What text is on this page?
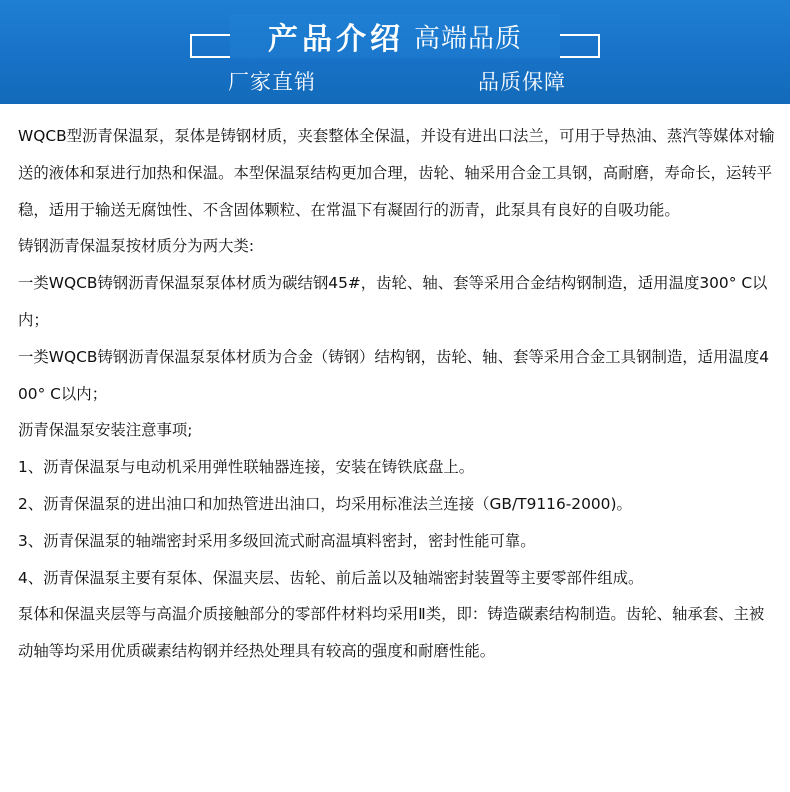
产品介绍 高端品质
厂家直销	品质保障

WQCB型沥青保温泵，泵体是铸钢材质，夹套整体全保温，并设有进出口法兰，可用于导热油、蒸汽等媒体对输送的液体和泵进行加热和保温。本型保温泵结构更加合理，齿轮、轴采用合金工具钢，高耐磨，寿命长，运转平稳，适用于输送无腐蚀性、不含固体颗粒、在常温下有凝固行的沥青，此泵具有良好的自吸功能。

铸钢沥青保温泵按材质分为两大类:

一类WQCB铸钢沥青保温泵泵体材质为碳结钢45#，齿轮、轴、套等采用合金结构钢制造，适用温度300° C以内；

一类WQCB铸钢沥青保温泵泵体材质为合金（铸钢）结构钢，齿轮、轴、套等采用合金工具钢制造，适用温度400° C以内；

沥青保温泵安装注意事项;

1、沥青保温泵与电动机采用弹性联轴器连接，安装在铸铁底盘上。

2、沥青保温泵的进出油口和加热管进出油口，均采用标准法兰连接（GB/T9116-2000)。

3、沥青保温泵的轴端密封采用多级回流式耐高温填料密封，密封性能可靠。

4、沥青保温泵主要有泵体、保温夹层、齿轮、前后盖以及轴端密封装置等主要零部件组成。

泵体和保温夹层等与高温介质接触部分的零部件材料均采用Ⅱ类，即：铸造碳素结构制造。齿轮、轴承套、主被动轴等均采用优质碳素结构钢并经热处理具有较高的强度和耐磨性能。
